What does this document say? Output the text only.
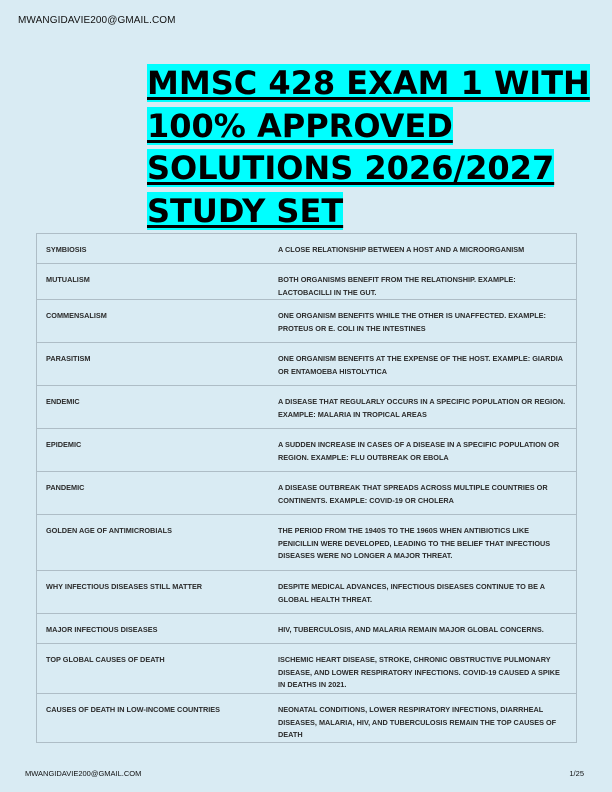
MWANGIDAVIE200@GMAIL.COM
MMSC 428 EXAM 1 WITH
100% APPROVED
SOLUTIONS 2026/2027
STUDY SET
SYMBIOSIS	A CLOSE RELATIONSHIP BETWEEN A HOST AND A MICROORGANISM
MUTUALISM	BOTH ORGANISMS BENEFIT FROM THE RELATIONSHIP. EXAMPLE: LACTOBACILLI IN THE GUT.
COMMENSALISM	ONE ORGANISM BENEFITS WHILE THE OTHER IS UNAFFECTED. EXAMPLE: PROTEUS OR E. COLI IN THE INTESTINES
PARASITISM	ONE ORGANISM BENEFITS AT THE EXPENSE OF THE HOST. EXAMPLE: GIARDIA OR ENTAMOEBA HISTOLYTICA
ENDEMIC	A DISEASE THAT REGULARLY OCCURS IN A SPECIFIC POPULATION OR REGION. EXAMPLE: MALARIA IN TROPICAL AREAS
EPIDEMIC	A SUDDEN INCREASE IN CASES OF A DISEASE IN A SPECIFIC POPULATION OR REGION. EXAMPLE: FLU OUTBREAK OR EBOLA
PANDEMIC	A DISEASE OUTBREAK THAT SPREADS ACROSS MULTIPLE COUNTRIES OR CONTINENTS. EXAMPLE: COVID-19 OR CHOLERA
GOLDEN AGE OF ANTIMICROBIALS	THE PERIOD FROM THE 1940S TO THE 1960S WHEN ANTIBIOTICS LIKE PENICILLIN WERE DEVELOPED, LEADING TO THE BELIEF THAT INFECTIOUS DISEASES WERE NO LONGER A MAJOR THREAT.
WHY INFECTIOUS DISEASES STILL MATTER	DESPITE MEDICAL ADVANCES, INFECTIOUS DISEASES CONTINUE TO BE A GLOBAL HEALTH THREAT.
MAJOR INFECTIOUS DISEASES	HIV, TUBERCULOSIS, AND MALARIA REMAIN MAJOR GLOBAL CONCERNS.
TOP GLOBAL CAUSES OF DEATH	ISCHEMIC HEART DISEASE, STROKE, CHRONIC OBSTRUCTIVE PULMONARY DISEASE, AND LOWER RESPIRATORY INFECTIONS. COVID-19 CAUSED A SPIKE IN DEATHS IN 2021.
CAUSES OF DEATH IN LOW-INCOME COUNTRIES	NEONATAL CONDITIONS, LOWER RESPIRATORY INFECTIONS, DIARRHEAL DISEASES, MALARIA, HIV, AND TUBERCULOSIS REMAIN THE TOP CAUSES OF DEATH
MWANGIDAVIE200@GMAIL.COM	1/25
